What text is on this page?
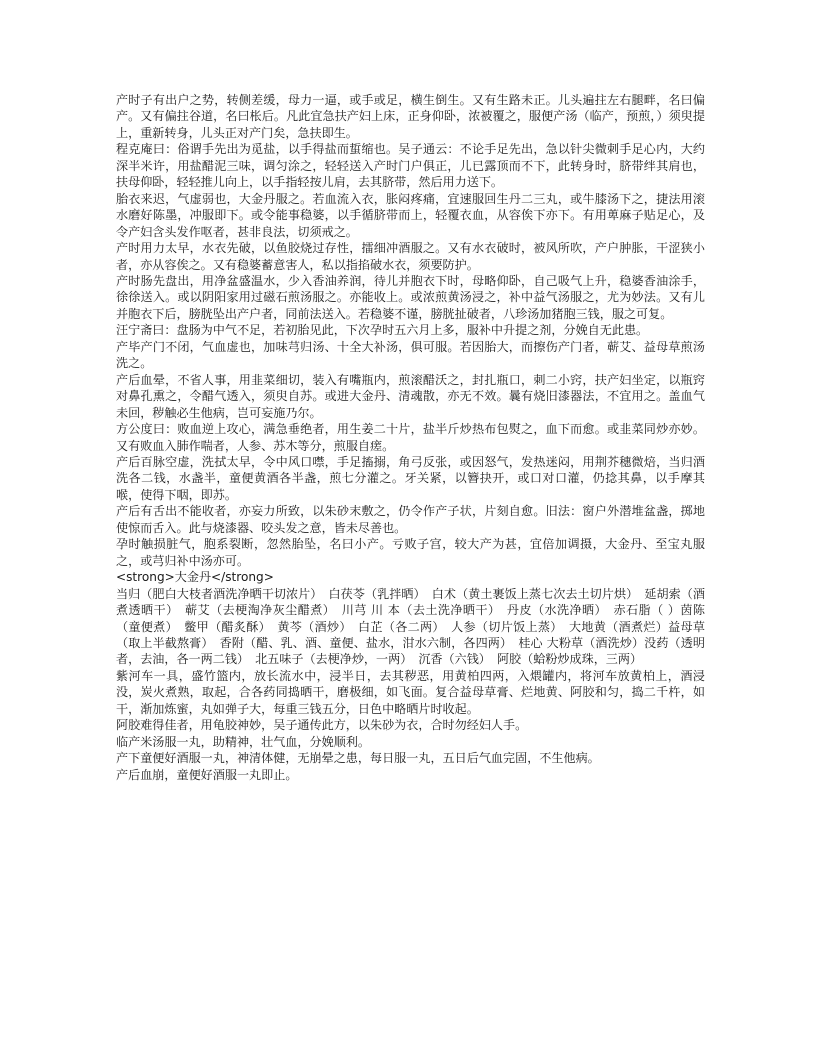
产时子有出户之势，转侧差缓，母力一逼，或手或足，横生倒生。又有生路未正。儿头遍拄左右腿畔，名曰偏产。又有偏拄谷道，名曰枨后。凡此宜急扶产妇上床，正身仰卧，浓被覆之，服便产汤（临产，预煎，）须臾提上，重新转身，儿头正对产门矣，急扶即生。

程克庵曰：俗谓手先出为觅盐，以手得盐而蜇缩也。吴子通云：不论手足先出，急以针尖微刺手足心内，大约深半米许，用盐醋泥三味，调匀涂之，轻轻送入产时门户俱正，儿已露顶而不下，此转身时，脐带绊其肩也，扶母仰卧，轻轻推儿向上，以手指轻按儿肩，去其脐带，然后用力送下。

胎衣来迟，气虚弱也，大金丹服之。若血流入衣，胀闷疼痛，宜速服回生丹二三丸，或牛膝汤下之，捷法用滚水磨好陈墨，冲服即下。或令能事稳婆，以手循脐带而上，轻覆衣血，从容俟下亦下。有用萆麻子贴足心，及令产妇含头发作呕者，甚非良法，切须戒之。

产时用力太早，水衣先破，以鱼胶烧过存性，擂细冲酒服之。又有水衣破时，被风所吹，产户肿胀，干涩狭小者，亦从容俟之。又有稳婆蓄意害人，私以指掐破水衣，须要防护。

产时肠先盘出，用净盆盛温水，少入香油养润，待儿并胞衣下时，母略仰卧，自己吸气上升，稳婆香油涂手，徐徐送入。或以阴阳家用过磁石煎汤服之。亦能收上。或浓煎黄汤浸之，补中益气汤服之，尤为妙法。又有儿并胞衣下后，膀胱坠出产户者，同前法送入。若稳婆不谨，膀胱扯破者，八珍汤加猪胞三钱，服之可复。

汪宁斋曰：盘肠为中气不足，若初胎见此，下次孕时五六月上多，服补中升提之剂，分娩自无此患。

产毕产门不闭，气血虚也，加味芎归汤、十全大补汤，俱可服。若因胎大，而擦伤产门者，蕲艾、益母草煎汤洗之。

产后血晕，不省人事，用韭菜细切，装入有嘴瓶内，煎滚醋沃之，封扎瓶口，刺二小窍，扶产妇坐定，以瓶窍对鼻孔熏之，令醋气透入，须臾自苏。或进大金丹、清魂散，亦无不效。曩有烧旧漆器法，不宜用之。盖血气未回，秽触必生他病，岂可妄施乃尔。

方公度曰：败血逆上攻心，满急垂绝者，用生姜二十片，盐半斤炒热布包熨之，血下而愈。或韭菜同炒亦妙。又有败血入肺作喘者，人参、苏木等分，煎服自瘥。

产后百脉空虚，洗拭太早，令中风口噤，手足搐搦，角弓反张，或因怒气，发热迷闷，用荆芥穗微焙，当归酒洗各二钱，水盏半，童便黄酒各半盏，煎七分灌之。牙关紧，以簪抉开，或口对口灌，仍捻其鼻，以手摩其喉，使得下咽，即苏。

产后有舌出不能收者，亦妄力所致，以朱砂末敷之，仍令作产子状，片刻自愈。旧法：窗户外潜堆盆盏，掷地使惊而舌入。此与烧漆器、咬头发之意，皆未尽善也。

孕时触损脏气，胞系裂断，忽然胎坠，名曰小产。亏败子宫，较大产为甚，宜倍加调摄，大金丹、至宝丸服之，或芎归补中汤亦可。

<strong>大金丹</strong>

当归（肥白大枝者酒洗净晒干切浓片）　白茯苓（乳拌晒）　白术（黄土裹饭上蒸七次去土切片烘）　延胡索（酒煮透晒干）　蕲艾（去梗淘净灰尘醋煮）　川芎 川 本（去土洗净晒干）　丹皮（水洗净晒）　赤石脂（ ）茵陈（童便煮）　鳖甲（醋炙酥）　黄芩（酒炒）　白芷（各二两）　人参（切片饭上蒸）　大地黄（酒煮烂）益母草（取上半截熬膏）　香附（醋、乳、酒、童便、盐水，泔水六制，各四两）　桂心 大粉草（酒洗炒）没药（透明者，去油，各一两二钱）　北五味子（去梗净炒，一两）　沉香（六钱）　阿胶（蛤粉炒成珠，三两）

紫河车一具，盛竹篮内，放长流水中，浸半日，去其秽恶，用黄柏四两，入煨罐内，将河车放黄柏上，酒浸没，炭火煮熟，取起，合各药同捣晒干，磨极细，如飞面。复合益母草膏、烂地黄、阿胶和匀，捣二千杵，如干，渐加炼蜜，丸如弹子大，每重三钱五分，日色中略晒片时收起。

阿胶难得佳者，用龟胶神妙，吴子通传此方，以朱砂为衣，合时勿经妇人手。

临产米汤服一丸，助精神，壮气血，分娩顺利。

产下童便好酒服一丸，神清体健，无崩晕之患，每日服一丸，五日后气血完固，不生他病。

产后血崩，童便好酒服一丸即止。
